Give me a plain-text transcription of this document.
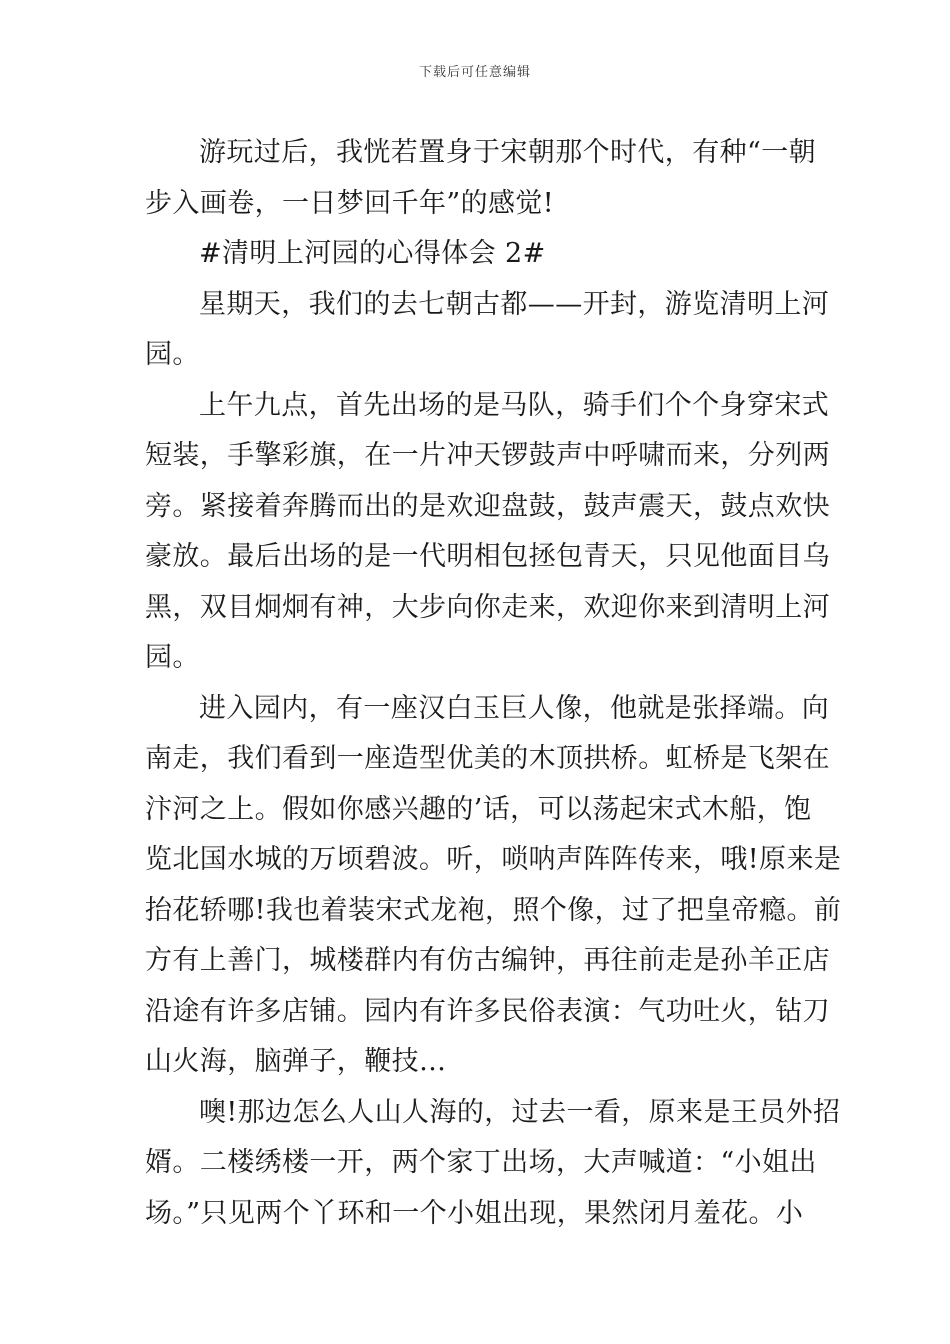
下载后可任意编辑
游玩过后，我恍若置身于宋朝那个时代，有种“一朝
步入画卷，一日梦回千年”的感觉!
#清明上河园的心得体会 2#
星期天，我们的去七朝古都——开封，游览清明上河
园。
上午九点，首先出场的是马队，骑手们个个身穿宋式
短装，手擎彩旗，在一片冲天锣鼓声中呼啸而来，分列两
旁。紧接着奔腾而出的是欢迎盘鼓，鼓声震天，鼓点欢快
豪放。最后出场的是一代明相包拯包青天，只见他面目乌
黑，双目炯炯有神，大步向你走来，欢迎你来到清明上河
园。
进入园内，有一座汉白玉巨人像，他就是张择端。向
南走，我们看到一座造型优美的木顶拱桥。虹桥是飞架在
汴河之上。假如你感兴趣的’话，可以荡起宋式木船，饱
览北国水城的万顷碧波。听，唢呐声阵阵传来，哦!原来是
抬花轿哪!我也着装宋式龙袍，照个像，过了把皇帝瘾。前
方有上善门，城楼群内有仿古编钟，再往前走是孙羊正店
沿途有许多店铺。园内有许多民俗表演：气功吐火，钻刀
山火海，脑弹子，鞭技…
噢!那边怎么人山人海的，过去一看，原来是王员外招
婿。二楼绣楼一开，两个家丁出场，大声喊道：“小姐出
场。”只见两个丫环和一个小姐出现，果然闭月羞花。小
